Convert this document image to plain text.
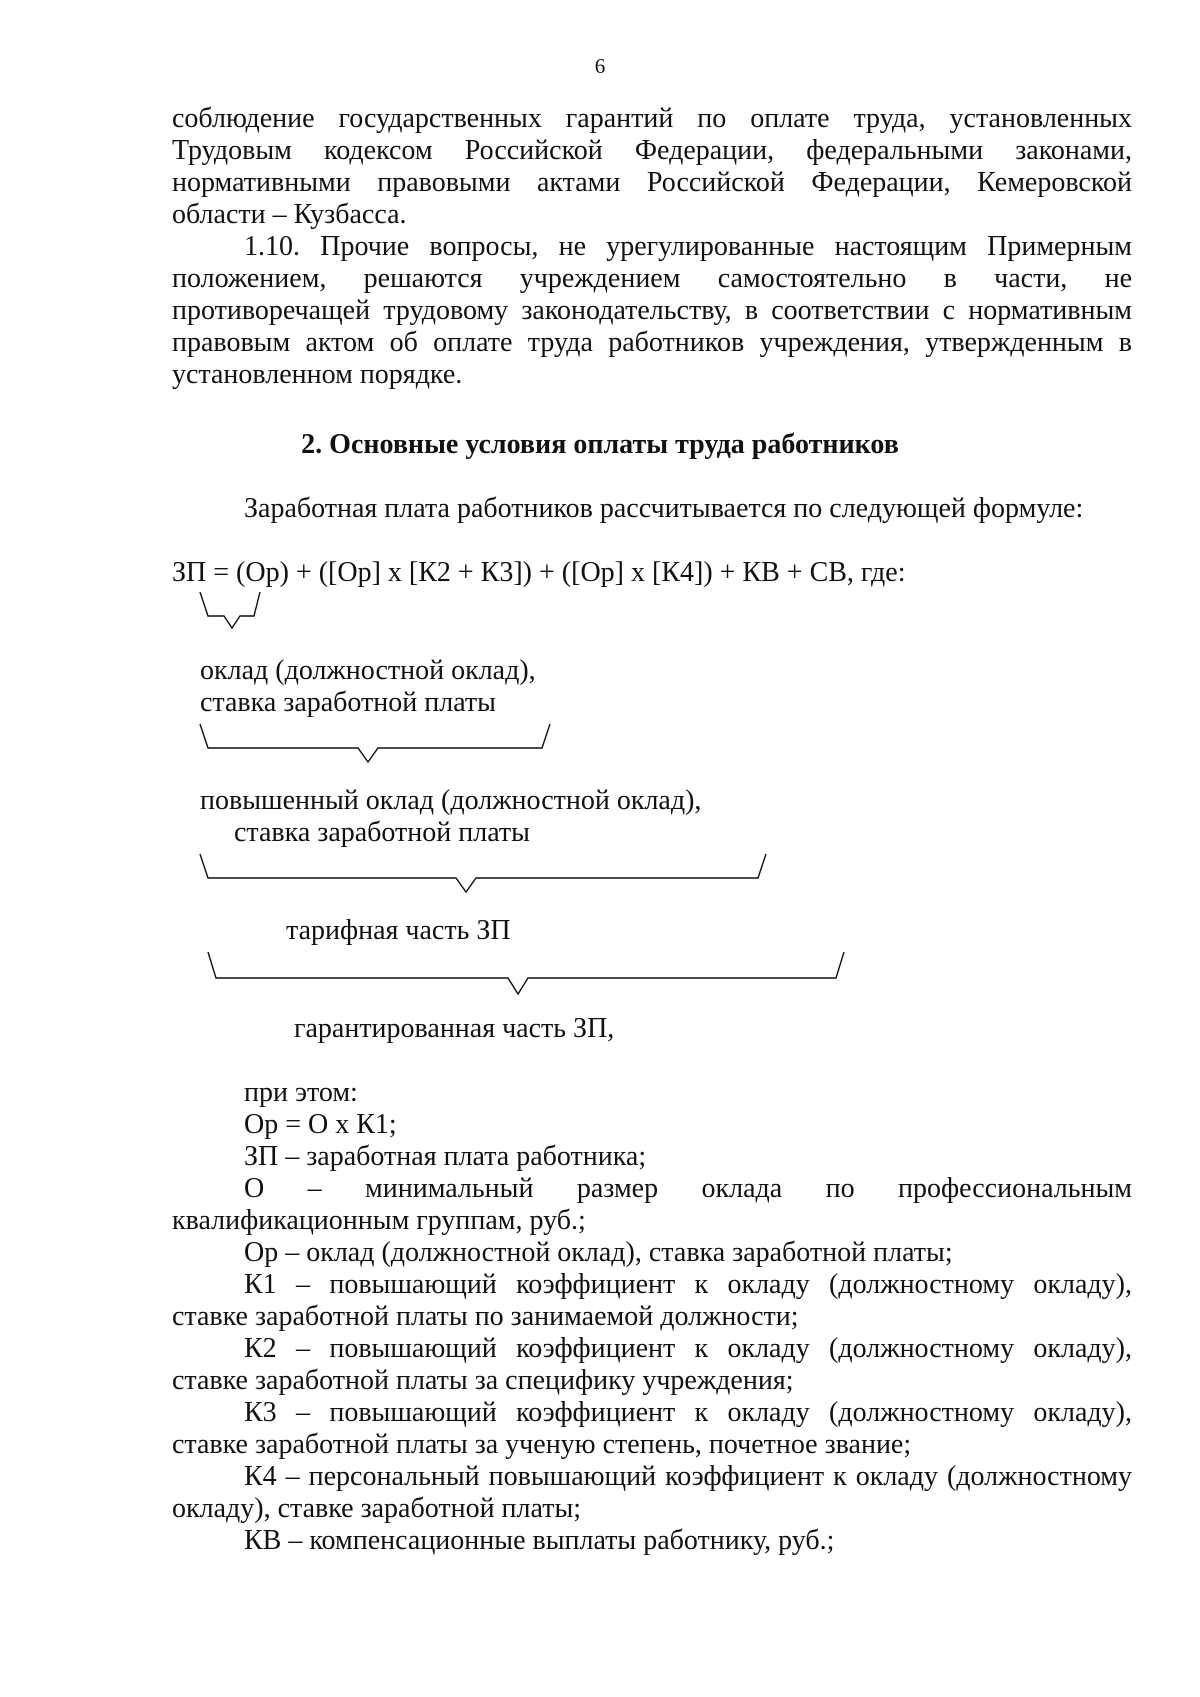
6
соблюдение государственных гарантий по оплате труда, установленных
Трудовым кодексом Российской Федерации, федеральными законами,
нормативными правовыми актами Российской Федерации, Кемеровской
области – Кузбасса.
1.10. Прочие вопросы, не урегулированные настоящим Примерным
положением, решаются учреждением самостоятельно в части, не
противоречащей трудовому законодательству, в соответствии с нормативным
правовым актом об оплате труда работников учреждения, утвержденным в
установленном порядке.
2. Основные условия оплаты труда работников
Заработная плата работников рассчитывается по следующей формуле:
ЗП = (Ор) + ([Ор] х [К2 + К3]) + ([Ор] х [К4]) + КВ + СВ, где:
оклад (должностной оклад),
ставка заработной платы
повышенный оклад (должностной оклад),
ставка заработной платы
тарифная часть ЗП
гарантированная часть ЗП,
при этом:
Ор = О х К1;
ЗП – заработная плата работника;
О – минимальный размер оклада по профессиональным
квалификационным группам, руб.;
Ор – оклад (должностной оклад), ставка заработной платы;
К1 – повышающий коэффициент к окладу (должностному окладу),
ставке заработной платы по занимаемой должности;
К2 – повышающий коэффициент к окладу (должностному окладу),
ставке заработной платы за специфику учреждения;
К3 – повышающий коэффициент к окладу (должностному окладу),
ставке заработной платы за ученую степень, почетное звание;
К4 – персональный повышающий коэффициент к окладу (должностному
окладу), ставке заработной платы;
КВ – компенсационные выплаты работнику, руб.;
